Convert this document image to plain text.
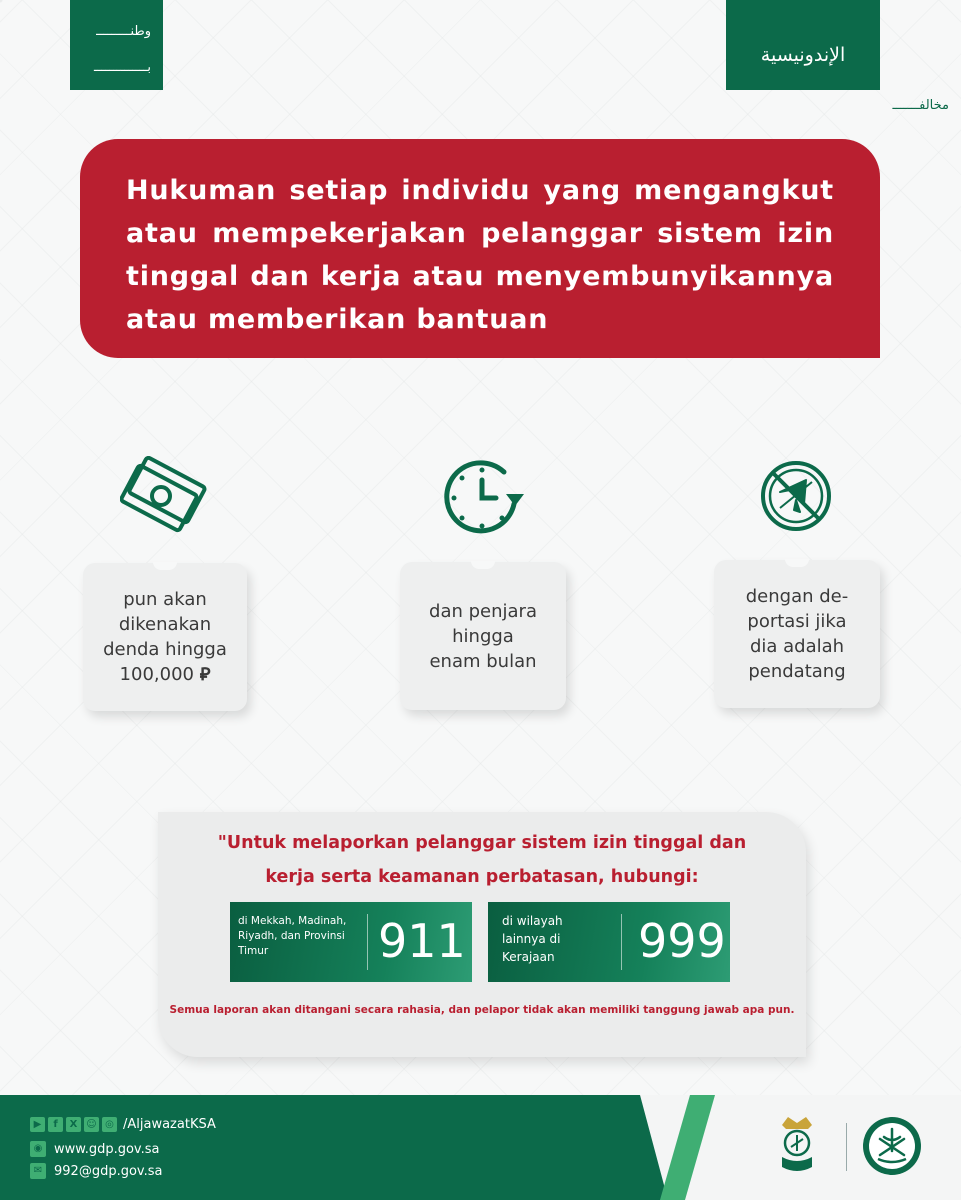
وطنـــــــــ
بــــــــــــــ
مخالفـــــــ
الإندونيسية

Hukuman setiap individu yang mengangkut atau mempekerjakan pelanggar sistem izin tinggal dan kerja atau menyembunyikannya atau memberikan bantuan

pun akan
dikenakan
denda hingga
100,000 ⃁
dan penjara
hingga
enam bulan
dengan de-
portasi jika
dia adalah
pendatang

"Untuk melaporkan pelanggar sistem izin tinggal dan
kerja serta keamanan perbatasan, hubungi:

di Mekkah, Madinah,
Riyadh, dan Provinsi
Timur	911	di wilayah
lainnya di
Kerajaan	999

Semua laporan akan ditangani secara rahasia, dan pelapor tidak akan memiliki tanggung jawab apa pun.

▶	f	X ☺ ◎ /AljawazatKSA
◉ www.gdp.gov.sa
✉ 992@gdp.gov.sa
